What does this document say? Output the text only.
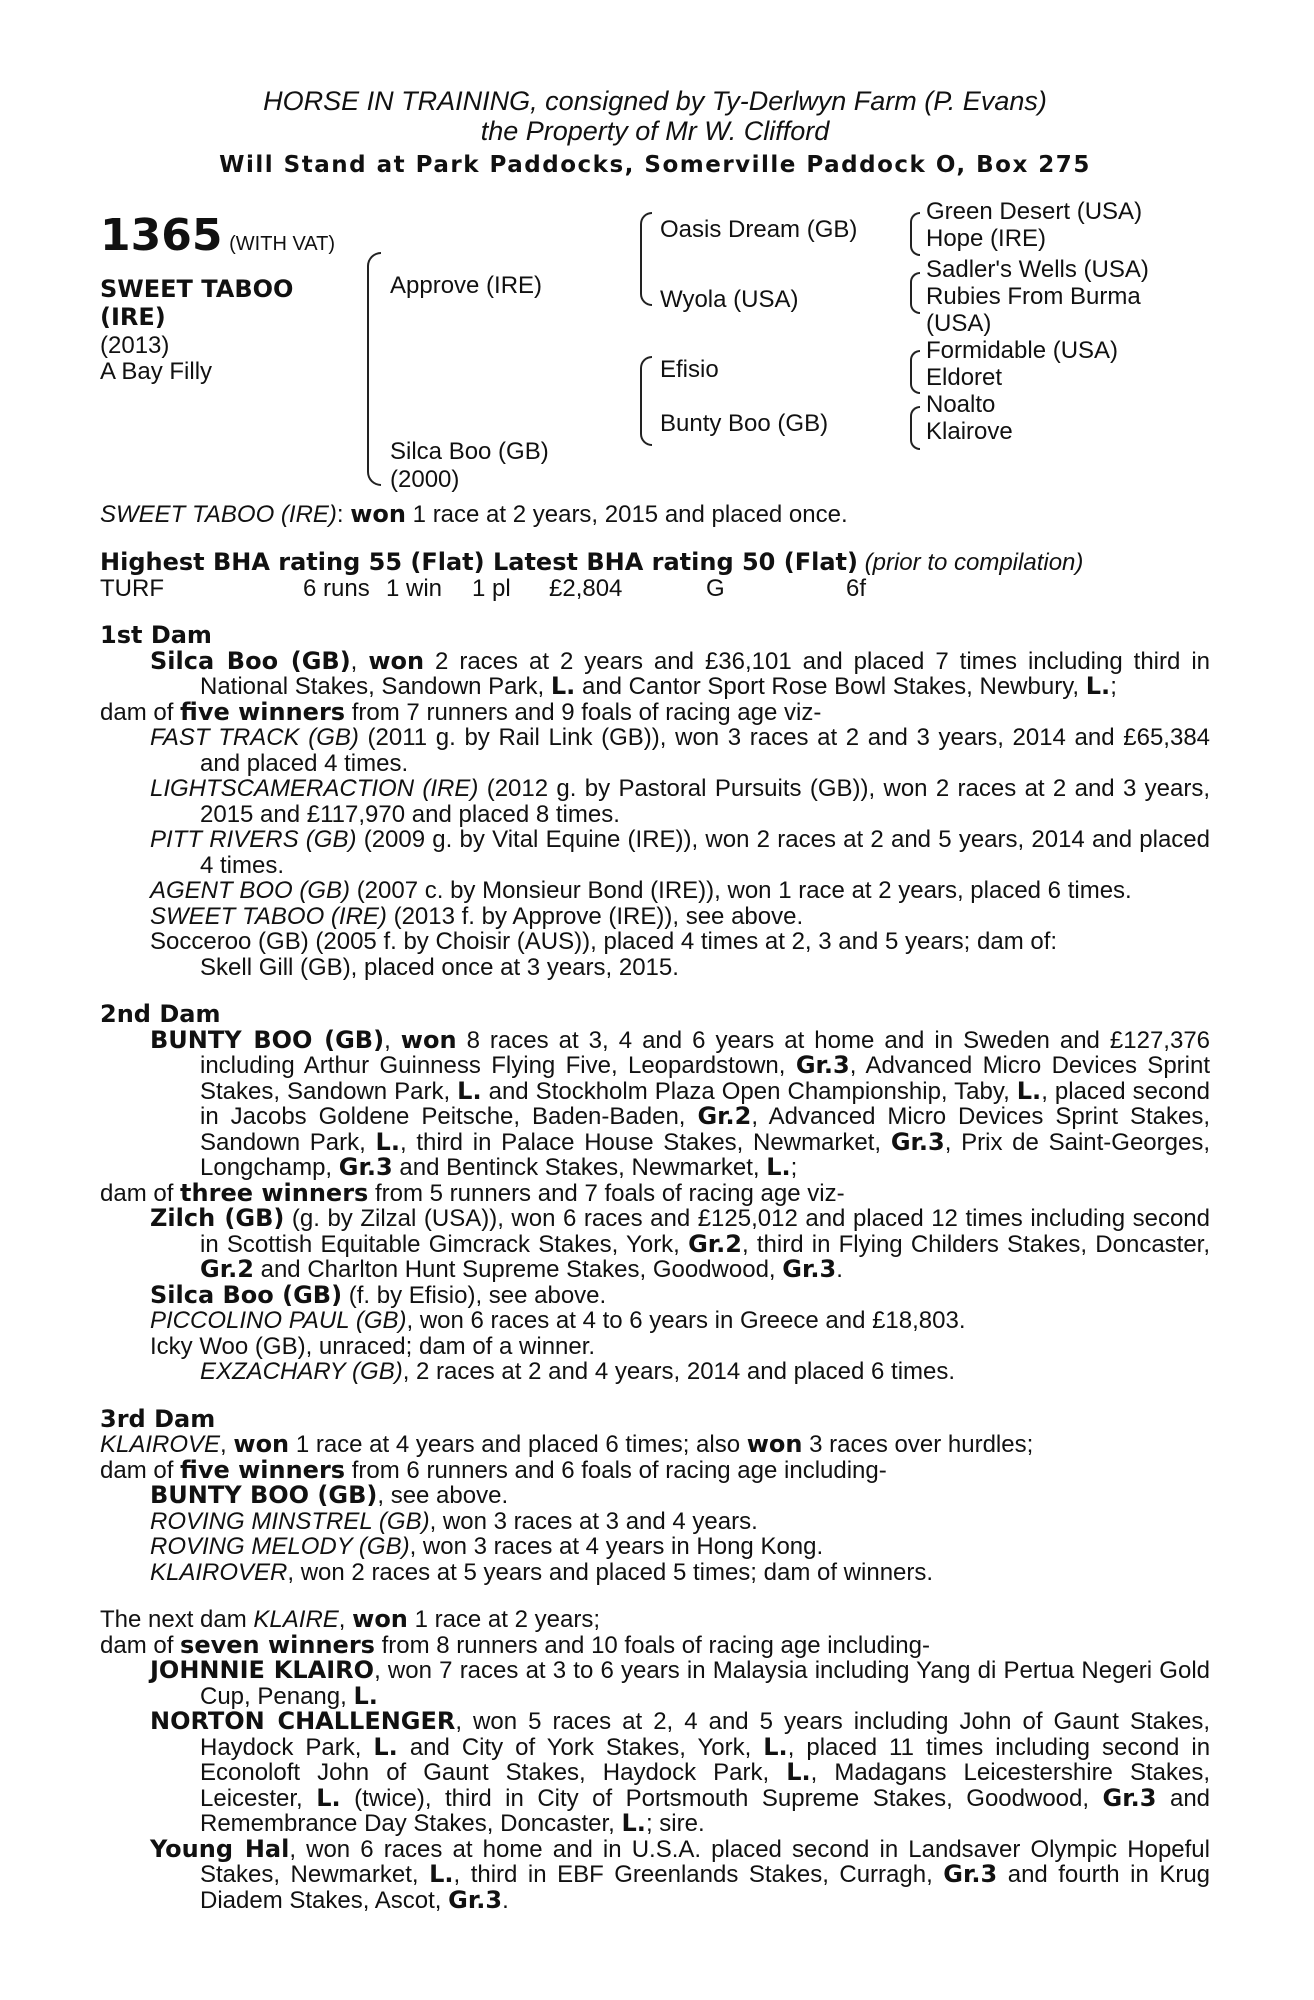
HORSE IN TRAINING, consigned by Ty-Derlwyn Farm (P. Evans)
the Property of Mr W. Clifford
Will Stand at Park Paddocks, Somerville Paddock O, Box 275
1365 (WITH VAT)
SWEET TABOO
(IRE)
(2013)
A Bay Filly
Approve (IRE)
Silca Boo (GB)
(2000)
Oasis Dream (GB)
Wyola (USA)
Efisio
Bunty Boo (GB)
Green Desert (USA)
Hope (IRE)
Sadler's Wells (USA)
Rubies From Burma
(USA)
Formidable (USA)
Eldoret
Noalto
Klairove
SWEET TABOO (IRE): won 1 race at 2 years, 2015 and placed once.
Highest BHA rating 55 (Flat) Latest BHA rating 50 (Flat) (prior to compilation)
TURF	6 runs 1 win 1 pl £2,804	G	6f
1st Dam

Silca Boo (GB), won 2 races at 2 years and £36,101 and placed 7 times including third in National Stakes, Sandown Park, L. and Cantor Sport Rose Bowl Stakes, Newbury, L.;

dam of five winners from 7 runners and 9 foals of racing age viz-

FAST TRACK (GB) (2011 g. by Rail Link (GB)), won 3 races at 2 and 3 years, 2014 and £65,384 and placed 4 times.

LIGHTSCAMERACTION (IRE) (2012 g. by Pastoral Pursuits (GB)), won 2 races at 2 and 3 years, 2015 and £117,970 and placed 8 times.

PITT RIVERS (GB) (2009 g. by Vital Equine (IRE)), won 2 races at 2 and 5 years, 2014 and placed 4 times.

AGENT BOO (GB) (2007 c. by Monsieur Bond (IRE)), won 1 race at 2 years, placed 6 times.

SWEET TABOO (IRE) (2013 f. by Approve (IRE)), see above.

Socceroo (GB) (2005 f. by Choisir (AUS)), placed 4 times at 2, 3 and 5 years; dam of:

Skell Gill (GB), placed once at 3 years, 2015.

2nd Dam

BUNTY BOO (GB), won 8 races at 3, 4 and 6 years at home and in Sweden and £127,376 including Arthur Guinness Flying Five, Leopardstown, Gr.3, Advanced Micro Devices Sprint Stakes, Sandown Park, L. and Stockholm Plaza Open Championship, Taby, L., placed second in Jacobs Goldene Peitsche, Baden-Baden, Gr.2, Advanced Micro Devices Sprint Stakes, Sandown Park, L., third in Palace House Stakes, Newmarket, Gr.3, Prix de Saint-Georges, Longchamp, Gr.3 and Bentinck Stakes, Newmarket, L.;

dam of three winners from 5 runners and 7 foals of racing age viz-

Zilch (GB) (g. by Zilzal (USA)), won 6 races and £125,012 and placed 12 times including second in Scottish Equitable Gimcrack Stakes, York, Gr.2, third in Flying Childers Stakes, Doncaster, Gr.2 and Charlton Hunt Supreme Stakes, Goodwood, Gr.3.

Silca Boo (GB) (f. by Efisio), see above.

PICCOLINO PAUL (GB), won 6 races at 4 to 6 years in Greece and £18,803.

Icky Woo (GB), unraced; dam of a winner.

EXZACHARY (GB), 2 races at 2 and 4 years, 2014 and placed 6 times.

3rd Dam

KLAIROVE, won 1 race at 4 years and placed 6 times; also won 3 races over hurdles;

dam of five winners from 6 runners and 6 foals of racing age including-

BUNTY BOO (GB), see above.

ROVING MINSTREL (GB), won 3 races at 3 and 4 years.

ROVING MELODY (GB), won 3 races at 4 years in Hong Kong.

KLAIROVER, won 2 races at 5 years and placed 5 times; dam of winners.

The next dam KLAIRE, won 1 race at 2 years;

dam of seven winners from 8 runners and 10 foals of racing age including-

JOHNNIE KLAIRO, won 7 races at 3 to 6 years in Malaysia including Yang di Pertua Negeri Gold Cup, Penang, L.

NORTON CHALLENGER, won 5 races at 2, 4 and 5 years including John of Gaunt Stakes, Haydock Park, L. and City of York Stakes, York, L., placed 11 times including second in Econoloft John of Gaunt Stakes, Haydock Park, L., Madagans Leicestershire Stakes, Leicester, L. (twice), third in City of Portsmouth Supreme Stakes, Goodwood, Gr.3 and Remembrance Day Stakes, Doncaster, L.; sire.

Young Hal, won 6 races at home and in U.S.A. placed second in Landsaver Olympic Hopeful Stakes, Newmarket, L., third in EBF Greenlands Stakes, Curragh, Gr.3 and fourth in Krug Diadem Stakes, Ascot, Gr.3.
